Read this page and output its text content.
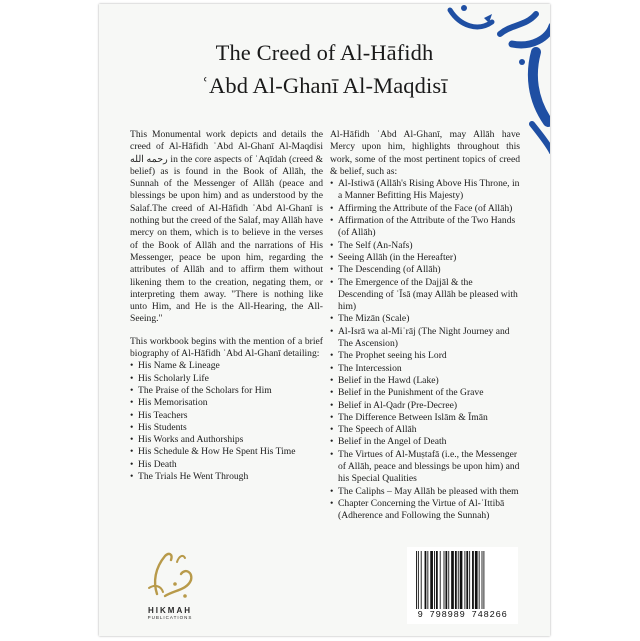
The Creed of Al-Hāfidh
ʿAbd Al-Ghanī Al-Maqdisī

This Monumental work depicts and details the creed of Al-Hāfidh ʿAbd Al-Ghanī Al-Maqdisi رحمه الله in the core aspects of ʿAqīdah (creed & belief) as is found in the Book of Allāh, the Sunnah of the Messenger of Allāh (peace and blessings be upon him) and as understood by the Salaf.The creed of Al-Hāfidh ʿAbd Al-Ghanī is nothing but the creed of the Salaf, may Allāh have mercy on them, which is to believe in the verses of the Book of Allāh and the narrations of His Messenger, peace be upon him, regarding the attributes of Allāh and to affirm them without likening them to the creation, negating them, or interpreting them away. "There is nothing like unto Him, and He is the All-Hearing, the All-Seeing."

This workbook begins with the mention of a brief biography of Al-Hāfidh ʿAbd Al-Ghanī detailing:

• His Name & Lineage
• His Scholarly Life
• The Praise of the Scholars for Him
• His Memorisation
• His Teachers
• His Students
• His Works and Authorships
• His Schedule & How He Spent His Time
• His Death
• The Trials He Went Through

Al-Hāfidh ʿAbd Al-Ghanī, may Allāh have Mercy upon him, highlights throughout this work, some of the most pertinent topics of creed & belief, such as:

• Al-Istiwā (Allāh's Rising Above His Throne, in a Manner Befitting His Majesty)
• Affirming the Attribute of the Face (of Allāh)
• Affirmation of the Attribute of the Two Hands (of Allāh)
• The Self (An-Nafs)
• Seeing Allāh (in the Hereafter)
• The Descending (of Allāh)
• The Emergence of the Dajjāl & the Descending of ʿĪsā (may Allāh be pleased with him)
• The Mizān (Scale)
• Al-Isrā wa al-Miʿrāj (The Night Journey and The Ascension)
• The Prophet seeing his Lord
• The Intercession
• Belief in the Hawd (Lake)
• Belief in the Punishment of the Grave
• Belief in Al-Qadr (Pre-Decree)
• The Difference Between Islām & Īmān
• The Speech of Allāh
• Belief in the Angel of Death
• The Virtues of Al-Muṣtafā (i.e., the Messenger of Allāh, peace and blessings be upon him) and his Special Qualities
• The Caliphs – May Allāh be pleased with them
• Chapter Concerning the Virtue of Al-ʾIttibā (Adherence and Following the Sunnah)
HIKMAH
PUBLICATIONS	9 798989 748266
